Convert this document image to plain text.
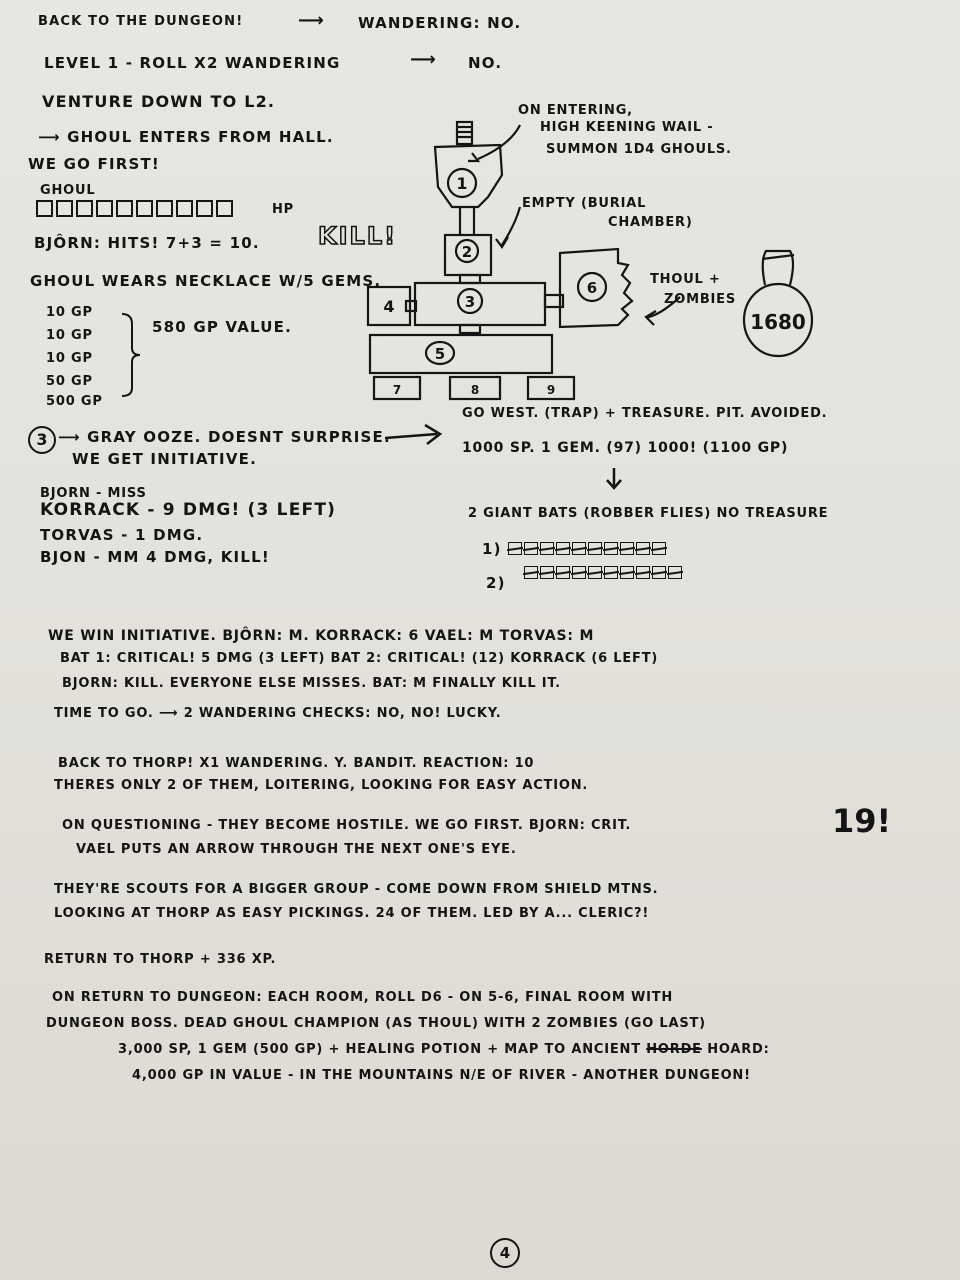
BACK TO THE DUNGEON!	⟶ WANDERING: NO.
LEVEL 1 - ROLL X2 WANDERING	⟶ NO.
VENTURE DOWN TO L2.
⟶ GHOUL ENTERS FROM HALL.
WE GO FIRST!
GHOUL
HP
BJÔRN: HITS! 7+3 = 10. KILL!
GHOUL WEARS NECKLACE W/5 GEMS.
10 GP
10 GP
10 GP
50 GP
500 GP
580 GP VALUE.
3 ⟶ GRAY OOZE. DOESNT SURPRISE.
WE GET INITIATIVE.
BJORN - MISS
KORRACK - 9 DMG! (3 LEFT)
TORVAS - 1 DMG.
BJON - MM 4 DMG, KILL!
1
2
3
4
5
6
7	8	9
1680
ON ENTERING,
HIGH KEENING WAIL -
SUMMON 1D4 GHOULS.
EMPTY (BURIAL
CHAMBER)
THOUL +
ZOMBIES
GO WEST. (TRAP) + TREASURE. PIT. AVOIDED.
1000 SP. 1 GEM. (97) 1000! (1100 GP)
2 GIANT BATS (ROBBER FLIES) NO TREASURE
1)
2)
WE WIN INITIATIVE. BJÔRN: M. KORRACK: 6 VAEL: M TORVAS: M
BAT 1: CRITICAL! 5 DMG (3 LEFT) BAT 2: CRITICAL! (12) KORRACK (6 LEFT)
BJORN: KILL. EVERYONE ELSE MISSES. BAT: M FINALLY KILL IT.
TIME TO GO. ⟶ 2 WANDERING CHECKS: NO, NO! LUCKY.
BACK TO THORP! X1 WANDERING. Y. BANDIT. REACTION: 10
THERES ONLY 2 OF THEM, LOITERING, LOOKING FOR EASY ACTION.
ON QUESTIONING - THEY BECOME HOSTILE. WE GO FIRST. BJORN: CRIT.	19!
VAEL PUTS AN ARROW THROUGH THE NEXT ONE'S EYE.
THEY'RE SCOUTS FOR A BIGGER GROUP - COME DOWN FROM SHIELD MTNS.
LOOKING AT THORP AS EASY PICKINGS. 24 OF THEM. LED BY A... CLERIC?!
RETURN TO THORP + 336 XP.
ON RETURN TO DUNGEON: EACH ROOM, ROLL D6 - ON 5-6, FINAL ROOM WITH
DUNGEON BOSS. DEAD GHOUL CHAMPION (AS THOUL) WITH 2 ZOMBIES (GO LAST)
3,000 SP, 1 GEM (500 GP) + HEALING POTION + MAP TO ANCIENT HORDE HOARD:
4,000 GP IN VALUE - IN THE MOUNTAINS N/E OF RIVER - ANOTHER DUNGEON!
4
